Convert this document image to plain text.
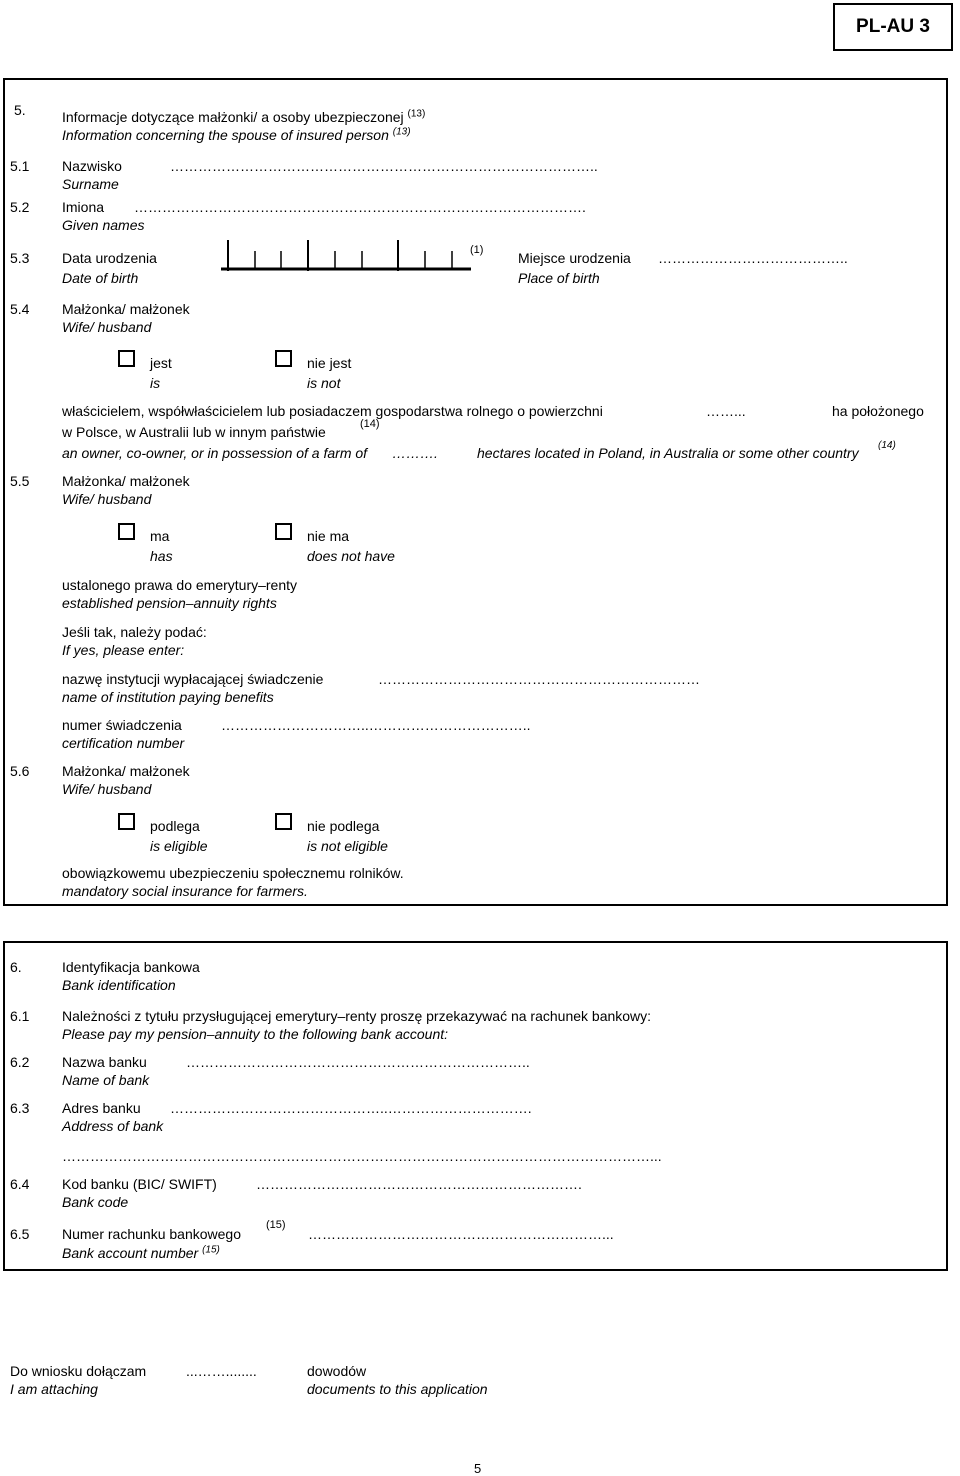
PL-AU 3
5.	Informacje dotyczące małżonki/ a osoby ubezpieczonej $^{(13)}$
Information concerning the spouse of insured person $^{(13)}$
5.1 Nazwisko
Surname
………………………………………………………………………………..
5.2 Imiona
Given names
…………………………………………………………………………………….
5.3 Data urodzenia
Date of birth
(1) Miejsce urodzenia
Place of birth
…………………………………..
5.4 Małżonka/ małżonek
Wife/ husband
jest
is
nie jest
is not
właścicielem, współwłaścicielem lub posiadaczem gospodarstwa rolnego o powierzchni	……...	ha położonego
w Polsce, w Australii lub w innym państwie	(14)
an owner, co-owner, or in possession of a farm of ……….	hectares located in Poland, in Australia or some other country (14)
5.5 Małżonka/ małżonek
Wife/ husband
ma
has
nie ma
does not have
ustalonego prawa do emerytury–renty
established pension–annuity rights
Jeśli tak, należy podać:
If yes, please enter:
nazwę instytucji wypłacającej świadczenie
name of institution paying benefits
……………………………………………………………
numer świadczenia
certification number
…………………………..……………………………..
5.6 Małżonka/ małżonek
Wife/ husband
podlega
is eligible
nie podlega
is not eligible
obowiązkowemu ubezpieczeniu społecznemu rolników.
mandatory social insurance for farmers.
6.	Identyfikacja bankowa
Bank identification
6.1 Należności z tytułu przysługującej emerytury–renty proszę przekazywać na rachunek bankowy:
Please pay my pension–annuity to the following bank account:
6.2 Nazwa banku
Name of bank
………………………………………………………………..
6.3 Adres banku
Address of bank
………………………………………..………………………….
………………………………………………………………………………………………………………...
6.4 Kod banku (BIC/ SWIFT)
Bank code
…………………………………………………………….
6.5 Numer rachunku bankowego
(15)
Bank account number $^{(15)}$
………………………………………………………...
Do wniosku dołączam
I am attaching
...……........	dowodów
documents to this application
5
